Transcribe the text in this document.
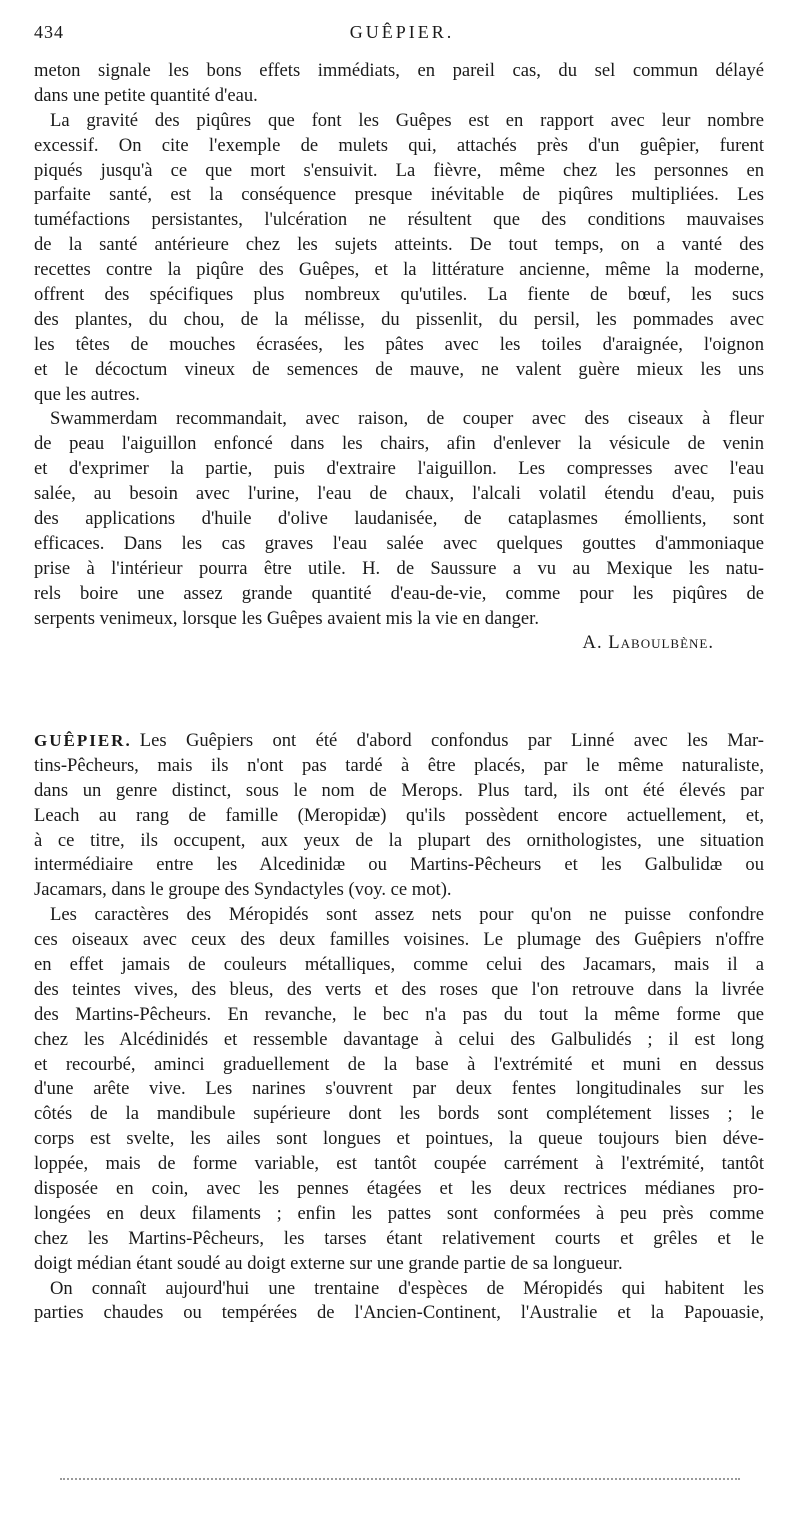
434	GUÊPIER.
meton signale les bons effets immédiats, en pareil cas, du sel commun délayé
dans une petite quantité d'eau.
La gravité des piqûres que font les Guêpes est en rapport avec leur nombre
excessif. On cite l'exemple de mulets qui, attachés près d'un guêpier, furent
piqués jusqu'à ce que mort s'ensuivit. La fièvre, même chez les personnes en
parfaite santé, est la conséquence presque inévitable de piqûres multipliées. Les
tuméfactions persistantes, l'ulcération ne résultent que des conditions mauvaises
de la santé antérieure chez les sujets atteints. De tout temps, on a vanté des
recettes contre la piqûre des Guêpes, et la littérature ancienne, même la moderne,
offrent des spécifiques plus nombreux qu'utiles. La fiente de bœuf, les sucs
des plantes, du chou, de la mélisse, du pissenlit, du persil, les pommades avec
les têtes de mouches écrasées, les pâtes avec les toiles d'araignée, l'oignon
et le décoctum vineux de semences de mauve, ne valent guère mieux les uns
que les autres.
Swammerdam recommandait, avec raison, de couper avec des ciseaux à fleur
de peau l'aiguillon enfoncé dans les chairs, afin d'enlever la vésicule de venin
et d'exprimer la partie, puis d'extraire l'aiguillon. Les compresses avec l'eau
salée, au besoin avec l'urine, l'eau de chaux, l'alcali volatil étendu d'eau, puis
des applications d'huile d'olive laudanisée, de cataplasmes émollients, sont
efficaces. Dans les cas graves l'eau salée avec quelques gouttes d'ammoniaque
prise à l'intérieur pourra être utile. H. de Saussure a vu au Mexique les natu-
rels boire une assez grande quantité d'eau-de-vie, comme pour les piqûres de
serpents venimeux, lorsque les Guêpes avaient mis la vie en danger.
A. Laboulbène.
GUÊPIER. Les Guêpiers ont été d'abord confondus par Linné avec les Mar-
tins-Pêcheurs, mais ils n'ont pas tardé à être placés, par le même naturaliste,
dans un genre distinct, sous le nom de Merops. Plus tard, ils ont été élevés par
Leach au rang de famille (Meropidæ) qu'ils possèdent encore actuellement, et,
à ce titre, ils occupent, aux yeux de la plupart des ornithologistes, une situation
intermédiaire entre les Alcedinidæ ou Martins-Pêcheurs et les Galbulidæ ou
Jacamars, dans le groupe des Syndactyles (voy. ce mot).
Les caractères des Méropidés sont assez nets pour qu'on ne puisse confondre
ces oiseaux avec ceux des deux familles voisines. Le plumage des Guêpiers n'offre
en effet jamais de couleurs métalliques, comme celui des Jacamars, mais il a
des teintes vives, des bleus, des verts et des roses que l'on retrouve dans la livrée
des Martins-Pêcheurs. En revanche, le bec n'a pas du tout la même forme que
chez les Alcédinidés et ressemble davantage à celui des Galbulidés ; il est long
et recourbé, aminci graduellement de la base à l'extrémité et muni en dessus
d'une arête vive. Les narines s'ouvrent par deux fentes longitudinales sur les
côtés de la mandibule supérieure dont les bords sont complétement lisses ; le
corps est svelte, les ailes sont longues et pointues, la queue toujours bien déve-
loppée, mais de forme variable, est tantôt coupée carrément à l'extrémité, tantôt
disposée en coin, avec les pennes étagées et les deux rectrices médianes pro-
longées en deux filaments ; enfin les pattes sont conformées à peu près comme
chez les Martins-Pêcheurs, les tarses étant relativement courts et grêles et le
doigt médian étant soudé au doigt externe sur une grande partie de sa longueur.
On connaît aujourd'hui une trentaine d'espèces de Méropidés qui habitent les
parties chaudes ou tempérées de l'Ancien-Continent, l'Australie et la Papouasie,
